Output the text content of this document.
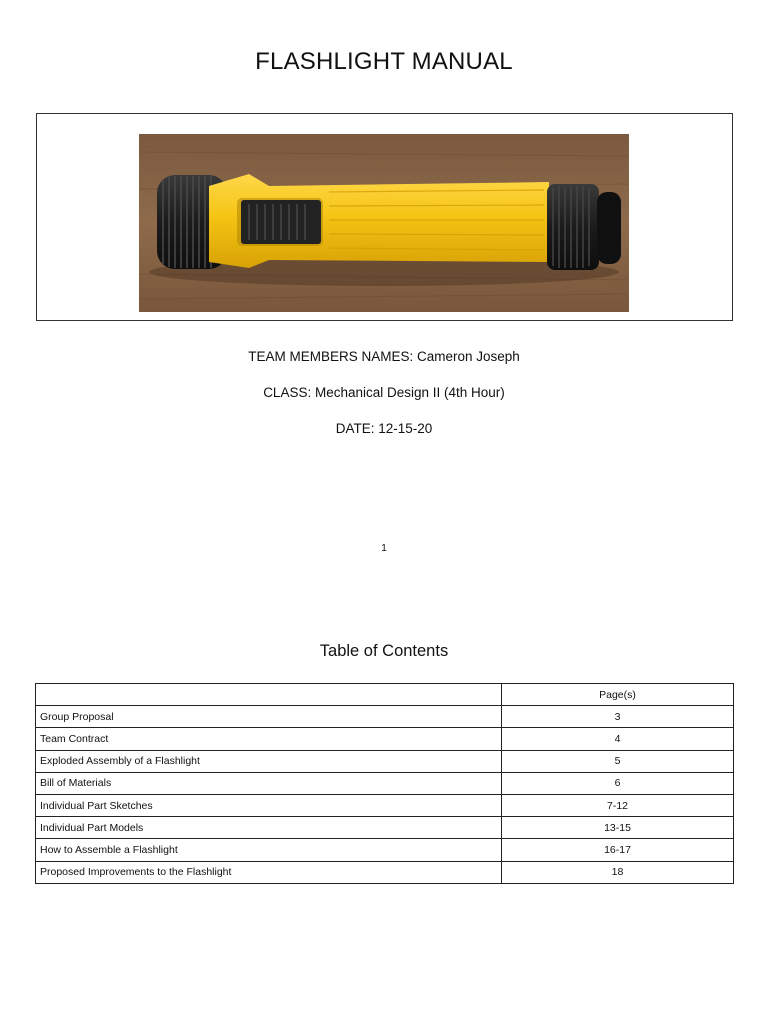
FLASHLIGHT MANUAL
TEAM MEMBERS NAMES: Cameron Joseph
CLASS: Mechanical Design II (4th Hour)
DATE: 12-15-20
1
Table of Contents
	Page(s)
Group Proposal	3
Team Contract	4
Exploded Assembly of a Flashlight	5
Bill of Materials	6
Individual Part Sketches	7-12
Individual Part Models	13-15
How to Assemble a Flashlight	16-17
Proposed Improvements to the Flashlight	18
